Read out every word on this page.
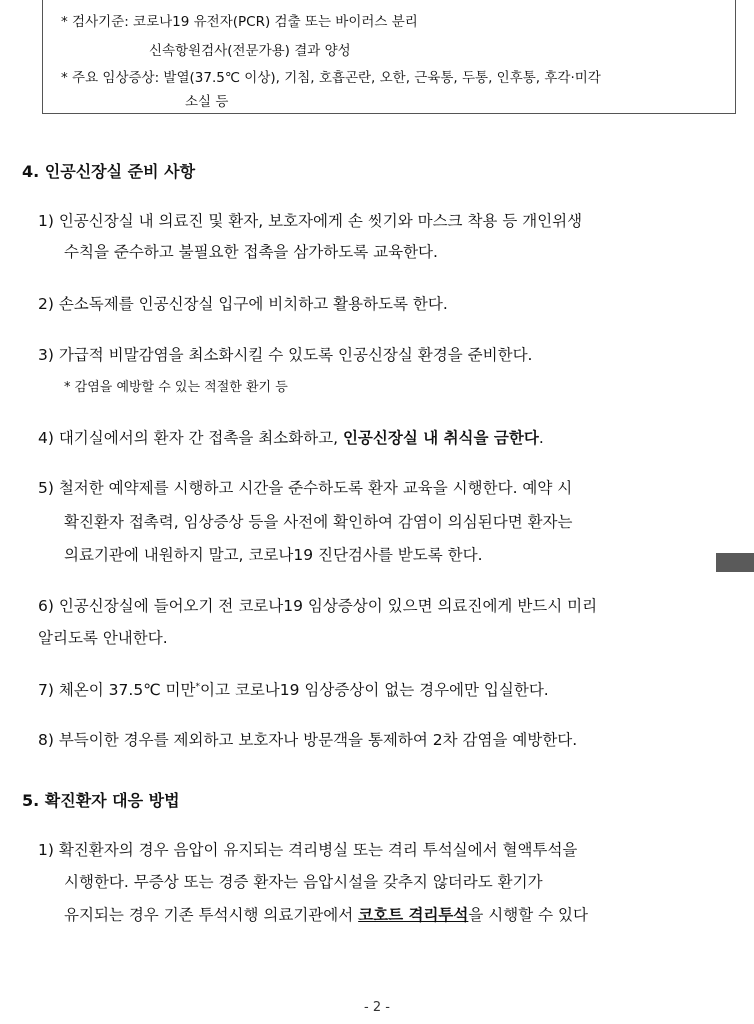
* 검사기준: 코로나19 유전자(PCR) 검출 또는 바이러스 분리
신속항원검사(전문가용) 결과 양성
* 주요 임상증상: 발열(37.5℃ 이상), 기침, 호흡곤란, 오한, 근육통, 두통, 인후통, 후각·미각
소실 등
4. 인공신장실 준비 사항
1) 인공신장실 내 의료진 및 환자, 보호자에게 손 씻기와 마스크 착용 등 개인위생
수칙을 준수하고 불필요한 접촉을 삼가하도록 교육한다.
2) 손소독제를 인공신장실 입구에 비치하고 활용하도록 한다.
3) 가급적 비말감염을 최소화시킬 수 있도록 인공신장실 환경을 준비한다.
* 감염을 예방할 수 있는 적절한 환기 등
4) 대기실에서의 환자 간 접촉을 최소화하고, 인공신장실 내 취식을 금한다.
5) 철저한 예약제를 시행하고 시간을 준수하도록 환자 교육을 시행한다. 예약 시
확진환자 접촉력, 임상증상 등을 사전에 확인하여 감염이 의심된다면 환자는
의료기관에 내원하지 말고, 코로나19 진단검사를 받도록 한다.
6) 인공신장실에 들어오기 전 코로나19 임상증상이 있으면 의료진에게 반드시 미리
알리도록 안내한다.
7) 체온이 37.5℃ 미만*이고 코로나19 임상증상이 없는 경우에만 입실한다.
8) 부득이한 경우를 제외하고 보호자나 방문객을 통제하여 2차 감염을 예방한다.
5. 확진환자 대응 방법
1) 확진환자의 경우 음압이 유지되는 격리병실 또는 격리 투석실에서 혈액투석을
시행한다. 무증상 또는 경증 환자는 음압시설을 갖추지 않더라도 환기가
유지되는 경우 기존 투석시행 의료기관에서 코호트 격리투석을 시행할 수 있다
- 2 -
